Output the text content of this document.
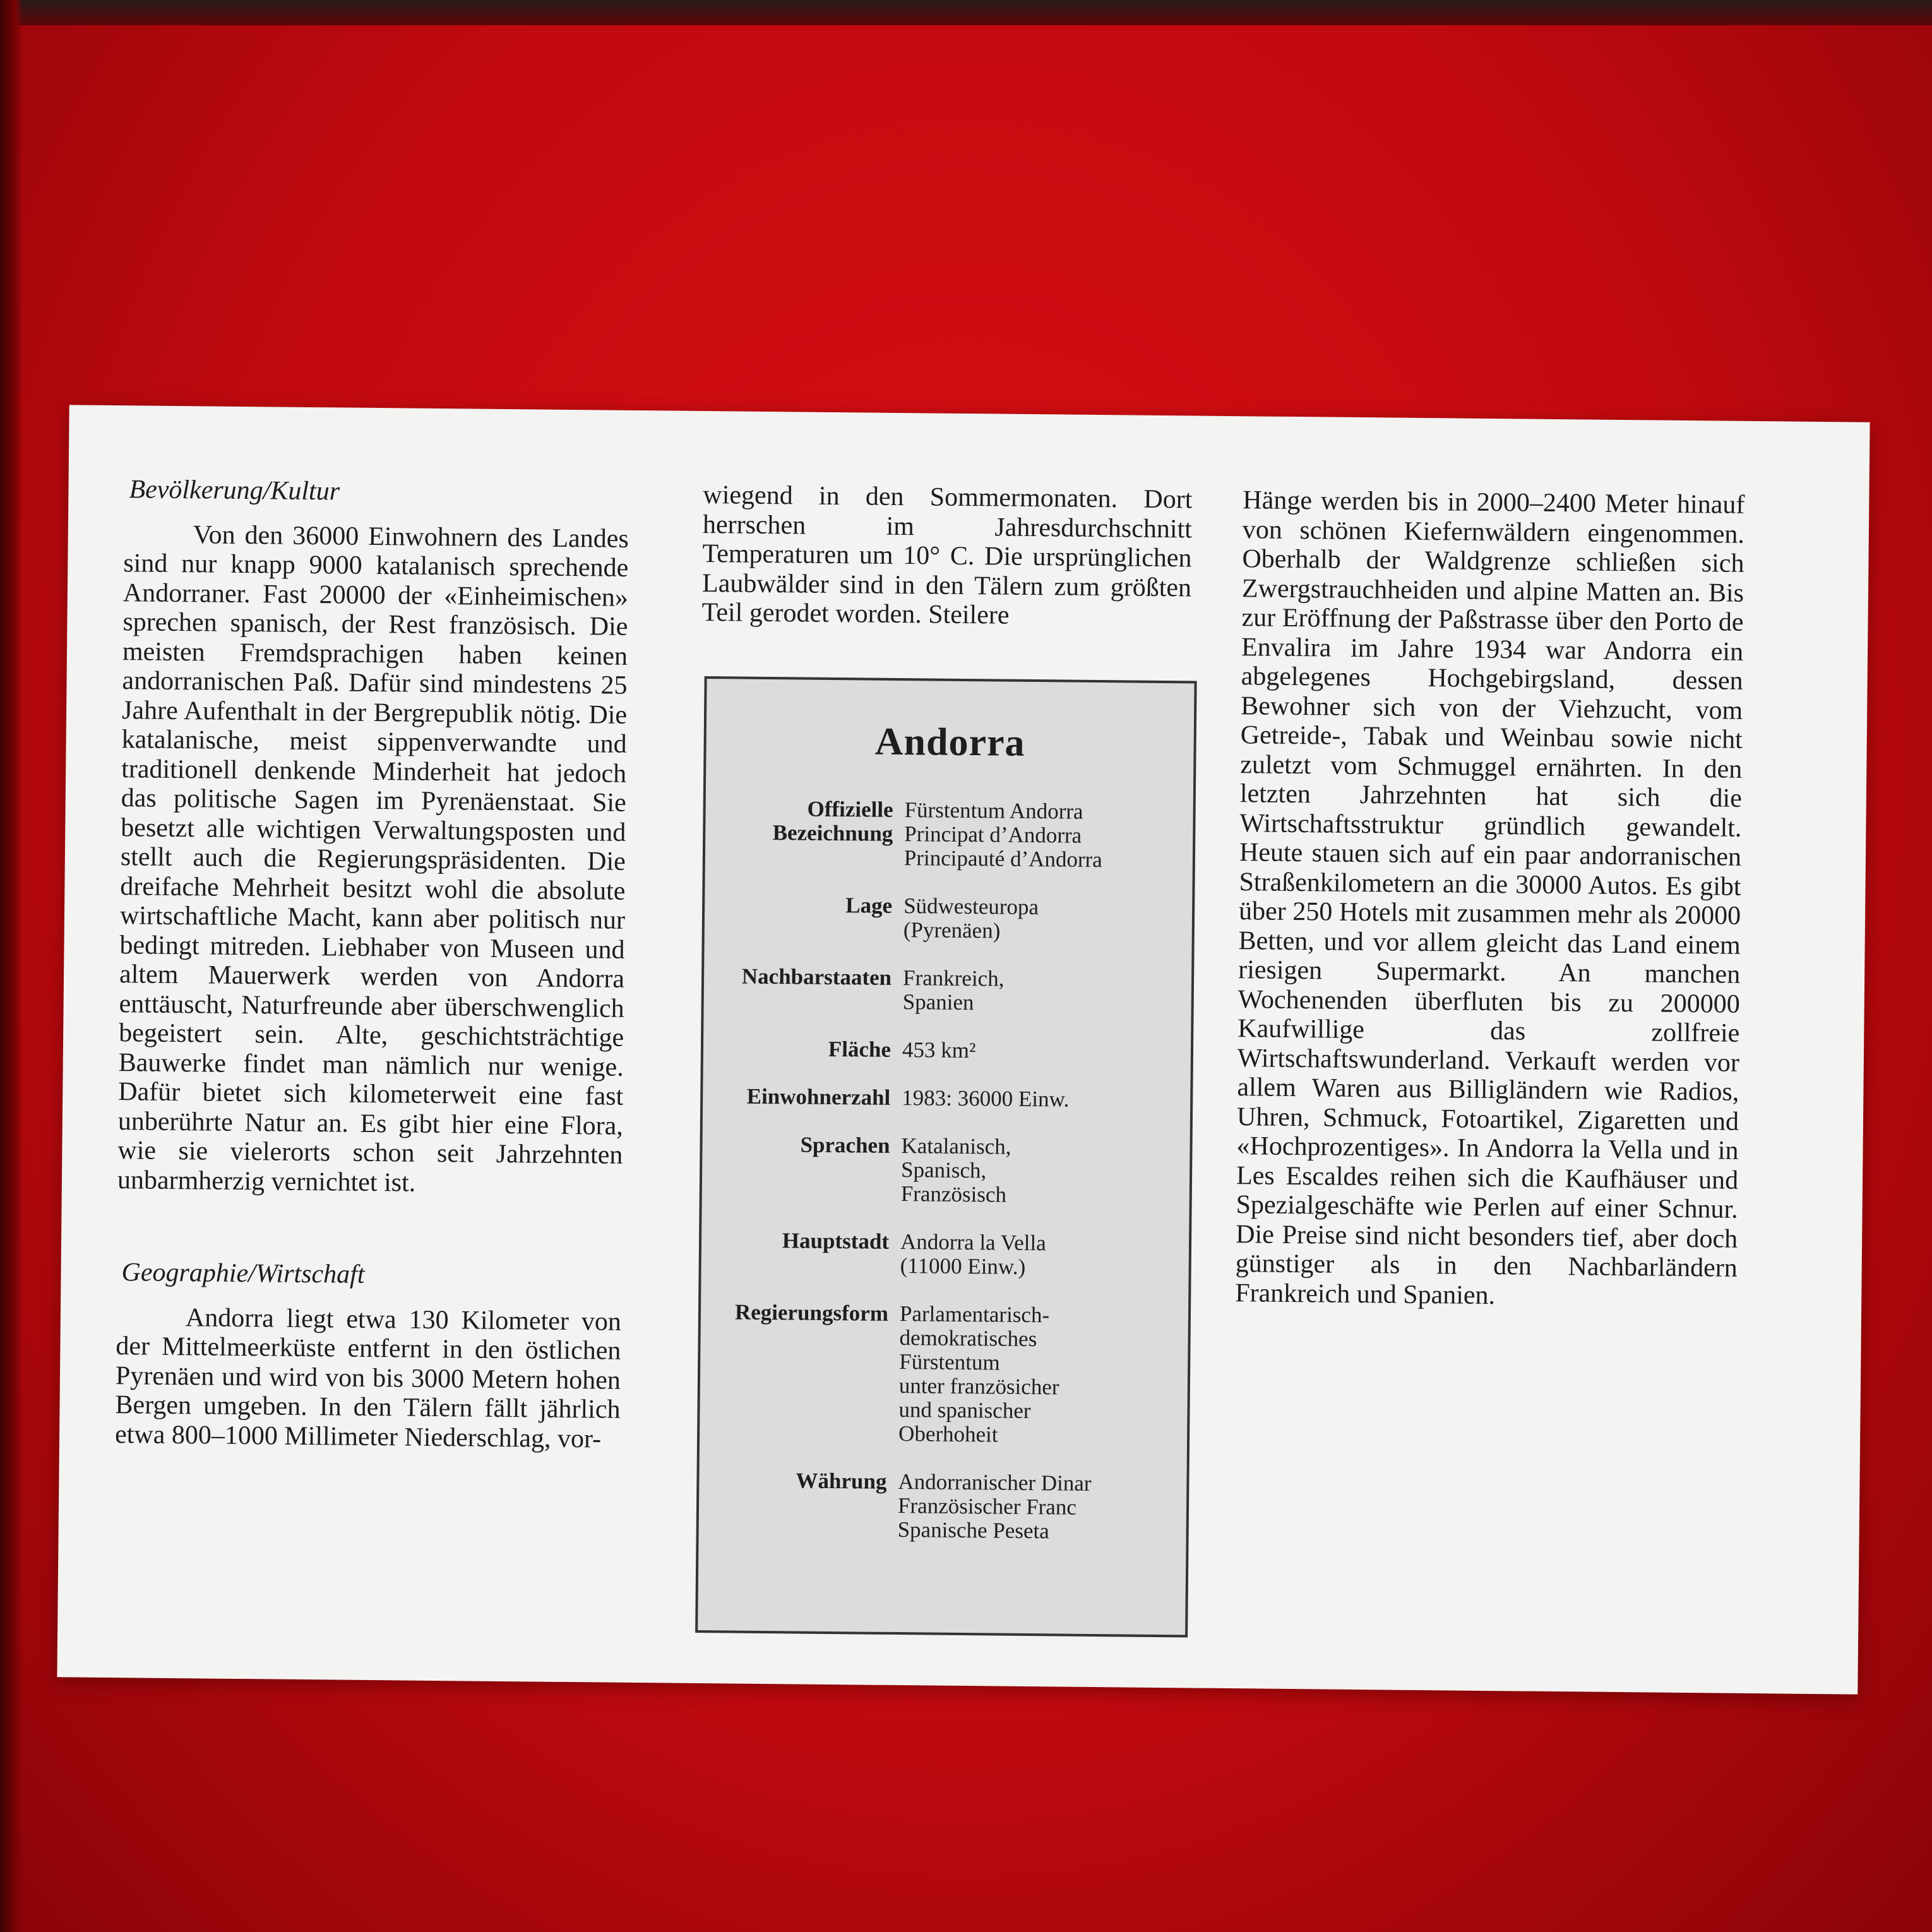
Bevölkerung/Kultur

Von den 36000 Einwohnern des Landes sind nur knapp 9000 katalanisch sprechende Andorraner. Fast 20000 der «Einheimischen» sprechen spanisch, der Rest französisch. Die meisten Fremdsprachigen haben keinen andorranischen Paß. Dafür sind mindestens 25 Jahre Aufenthalt in der Bergrepublik nötig. Die katalanische, meist sippenverwandte und traditionell denkende Minderheit hat jedoch das politische Sagen im Pyrenäenstaat. Sie besetzt alle wichtigen Verwaltungsposten und stellt auch die Regierungspräsidenten. Die dreifache Mehrheit besitzt wohl die absolute wirtschaftliche Macht, kann aber politisch nur bedingt mitreden. Liebhaber von Museen und altem Mauerwerk werden von Andorra enttäuscht, Naturfreunde aber überschwenglich begeistert sein. Alte, geschichtsträchtige Bauwerke findet man nämlich nur wenige. Dafür bietet sich kilometerweit eine fast unberührte Natur an. Es gibt hier eine Flora, wie sie vielerorts schon seit Jahrzehnten unbarmherzig vernichtet ist.

Geographie/Wirtschaft

Andorra liegt etwa 130 Kilometer von der Mittelmeerküste entfernt in den östlichen Pyrenäen und wird von bis 3000 Metern hohen Bergen umgeben. In den Tälern fällt jährlich etwa 800–1000 Millimeter Niederschlag, vor-

wiegend in den Sommermonaten. Dort herrschen im Jahresdurchschnitt Temperaturen um 10° C. Die ursprünglichen Laubwälder sind in den Tälern zum größten Teil gerodet worden. Steilere

Andorra
Offizielle
Bezeichnung
Fürstentum Andorra
Principat d’Andorra
Principauté d’Andorra
Lage Südwesteuropa
(Pyrenäen)
Nachbarstaaten Frankreich,
Spanien
Fläche 453 km²
Einwohnerzahl 1983: 36000 Einw.
Sprachen Katalanisch,
Spanisch,
Französisch
Hauptstadt Andorra la Vella
(11000 Einw.)
Regierungsform Parlamentarisch-
demokratisches
Fürstentum
unter französicher
und spanischer
Oberhoheit
Währung Andorranischer Dinar
Französischer Franc
Spanische Peseta

Hänge werden bis in 2000–2400 Meter hinauf von schönen Kiefernwäldern eingenommen. Oberhalb der Waldgrenze schließen sich Zwergstrauchheiden und alpine Matten an. Bis zur Eröffnung der Paßstrasse über den Porto de Envalira im Jahre 1934 war Andorra ein abgelegenes Hochgebirgsland, dessen Bewohner sich von der Viehzucht, vom Getreide-, Tabak und Weinbau sowie nicht zuletzt vom Schmuggel ernährten. In den letzten Jahrzehnten hat sich die Wirtschaftsstruktur gründlich gewandelt. Heute stauen sich auf ein paar andorranischen Straßenkilometern an die 30000 Autos. Es gibt über 250 Hotels mit zusammen mehr als 20000 Betten, und vor allem gleicht das Land einem riesigen Supermarkt. An manchen Wochenenden überfluten bis zu 200000 Kaufwillige das zollfreie Wirtschaftswunderland. Verkauft werden vor allem Waren aus Billigländern wie Radios, Uhren, Schmuck, Fotoartikel, Zigaretten und «Hochprozentiges». In Andorra la Vella und in Les Escaldes reihen sich die Kaufhäuser und Spezialgeschäfte wie Perlen auf einer Schnur. Die Preise sind nicht besonders tief, aber doch günstiger als in den Nachbarländern Frankreich und Spanien.
